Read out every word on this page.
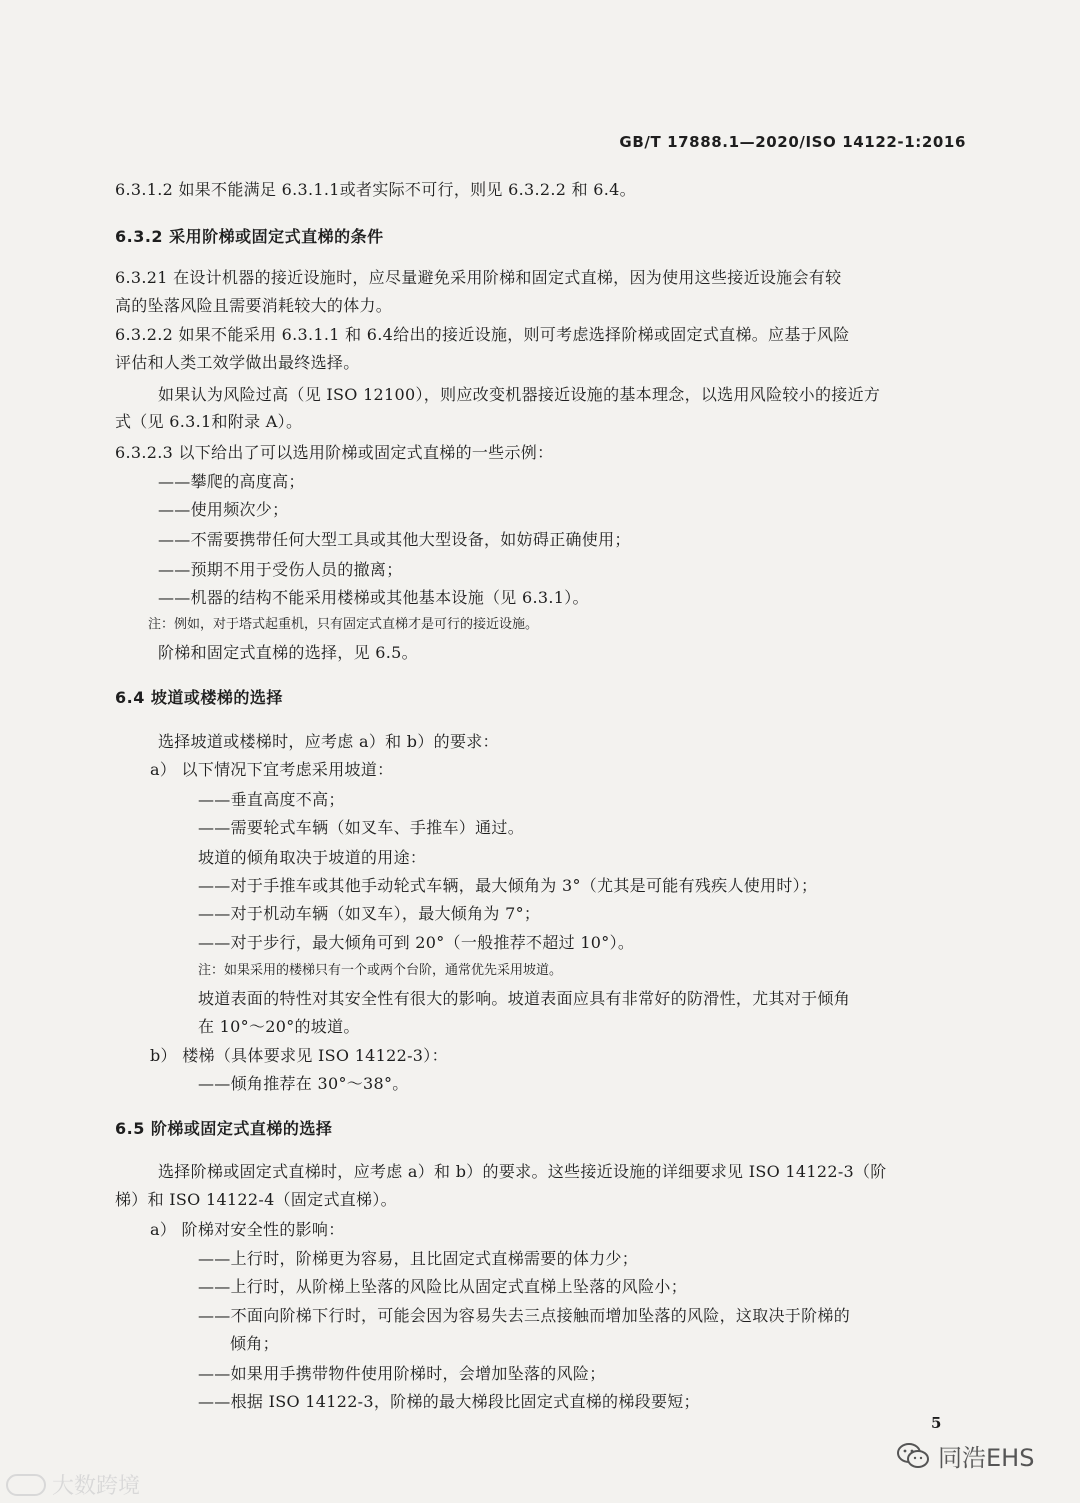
GB/T 17888.1—2020/ISO 14122-1:2016
6.3.1.2 如果不能满足 6.3.1.1或者实际不可行，则见 6.3.2.2 和 6.4。
6.3.2 采用阶梯或固定式直梯的条件
6.3.21 在设计机器的接近设施时，应尽量避免采用阶梯和固定式直梯，因为使用这些接近设施会有较
高的坠落风险且需要消耗较大的体力。
6.3.2.2 如果不能采用 6.3.1.1 和 6.4给出的接近设施，则可考虑选择阶梯或固定式直梯。应基于风险
评估和人类工效学做出最终选择。
如果认为风险过高（见 ISO 12100），则应改变机器接近设施的基本理念，以选用风险较小的接近方
式（见 6.3.1和附录 A）。
6.3.2.3 以下给出了可以选用阶梯或固定式直梯的一些示例：
——攀爬的高度高；
——使用频次少；
——不需要携带任何大型工具或其他大型设备，如妨碍正确使用；
——预期不用于受伤人员的撤离；
——机器的结构不能采用楼梯或其他基本设施（见 6.3.1）。
注：例如，对于塔式起重机，只有固定式直梯才是可行的接近设施。
阶梯和固定式直梯的选择，见 6.5。
6.4 坡道或楼梯的选择
选择坡道或楼梯时，应考虑 a）和 b）的要求：
a） 以下情况下宜考虑采用坡道：
——垂直高度不高；
——需要轮式车辆（如叉车、手推车）通过。
坡道的倾角取决于坡道的用途：
——对于手推车或其他手动轮式车辆，最大倾角为 3°（尤其是可能有残疾人使用时）；
——对于机动车辆（如叉车），最大倾角为 7°；
——对于步行，最大倾角可到 20°（一般推荐不超过 10°）。
注：如果采用的楼梯只有一个或两个台阶，通常优先采用坡道。
坡道表面的特性对其安全性有很大的影响。坡道表面应具有非常好的防滑性，尤其对于倾角
在 10°～20°的坡道。
b） 楼梯（具体要求见 ISO 14122-3）：
——倾角推荐在 30°～38°。
6.5 阶梯或固定式直梯的选择
选择阶梯或固定式直梯时，应考虑 a）和 b）的要求。这些接近设施的详细要求见 ISO 14122-3（阶
梯）和 ISO 14122-4（固定式直梯）。
a） 阶梯对安全性的影响：
——上行时，阶梯更为容易，且比固定式直梯需要的体力少；
——上行时，从阶梯上坠落的风险比从固定式直梯上坠落的风险小；
——不面向阶梯下行时，可能会因为容易失去三点接触而增加坠落的风险，这取决于阶梯的
倾角；
——如果用手携带物件使用阶梯时，会增加坠落的风险；
——根据 ISO 14122-3，阶梯的最大梯段比固定式直梯的梯段要短；
5
大数跨境
同浩EHS
